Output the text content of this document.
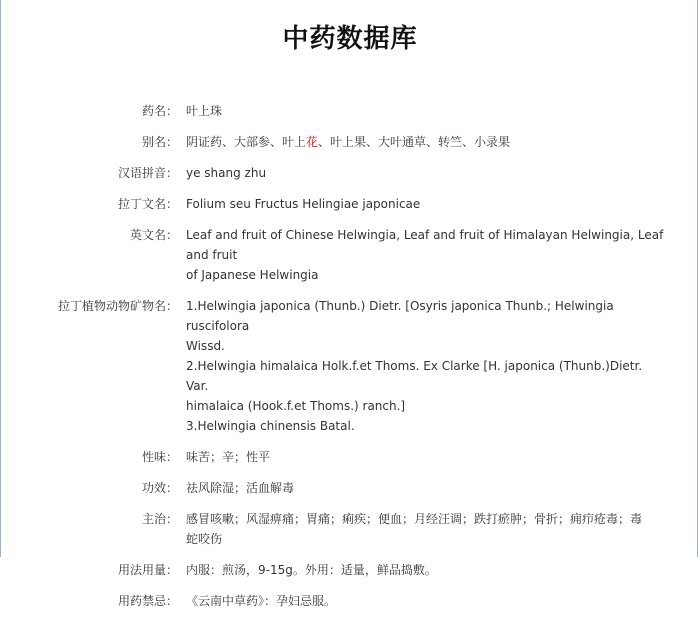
中药数据库
药名： 叶上珠
别名： 阴证药、大部参、叶上花、叶上果、大叶通草、转竺、小录果
汉语拼音： ye shang zhu
拉丁文名： Folium seu Fructus Helingiae japonicae
英文名： Leaf and fruit of Chinese Helwingia, Leaf and fruit of Himalayan Helwingia, Leaf and fruit
of Japanese Helwingia
拉丁植物动物矿物名： 1.Helwingia japonica (Thunb.) Dietr. [Osyris japonica Thunb.; Helwingia ruscifolora
Wissd.
2.Helwingia himalaica Holk.f.et Thoms. Ex Clarke [H. japonica (Thunb.)Dietr. Var.
himalaica (Hook.f.et Thoms.) ranch.]
3.Helwingia chinensis Batal.
性味： 味苦；辛；性平
功效： 祛风除湿；活血解毒
主治： 感冒咳嗽；风湿痹痛；胃痛；痢疾；便血；月经汪调；跌打瘀肿；骨折；痈疖疮毒；毒
蛇咬伤
用法用量： 内服：煎汤，9-15g。外用：适量，鲜品捣敷。
用药禁忌： 《云南中草药》：孕妇忌服。
